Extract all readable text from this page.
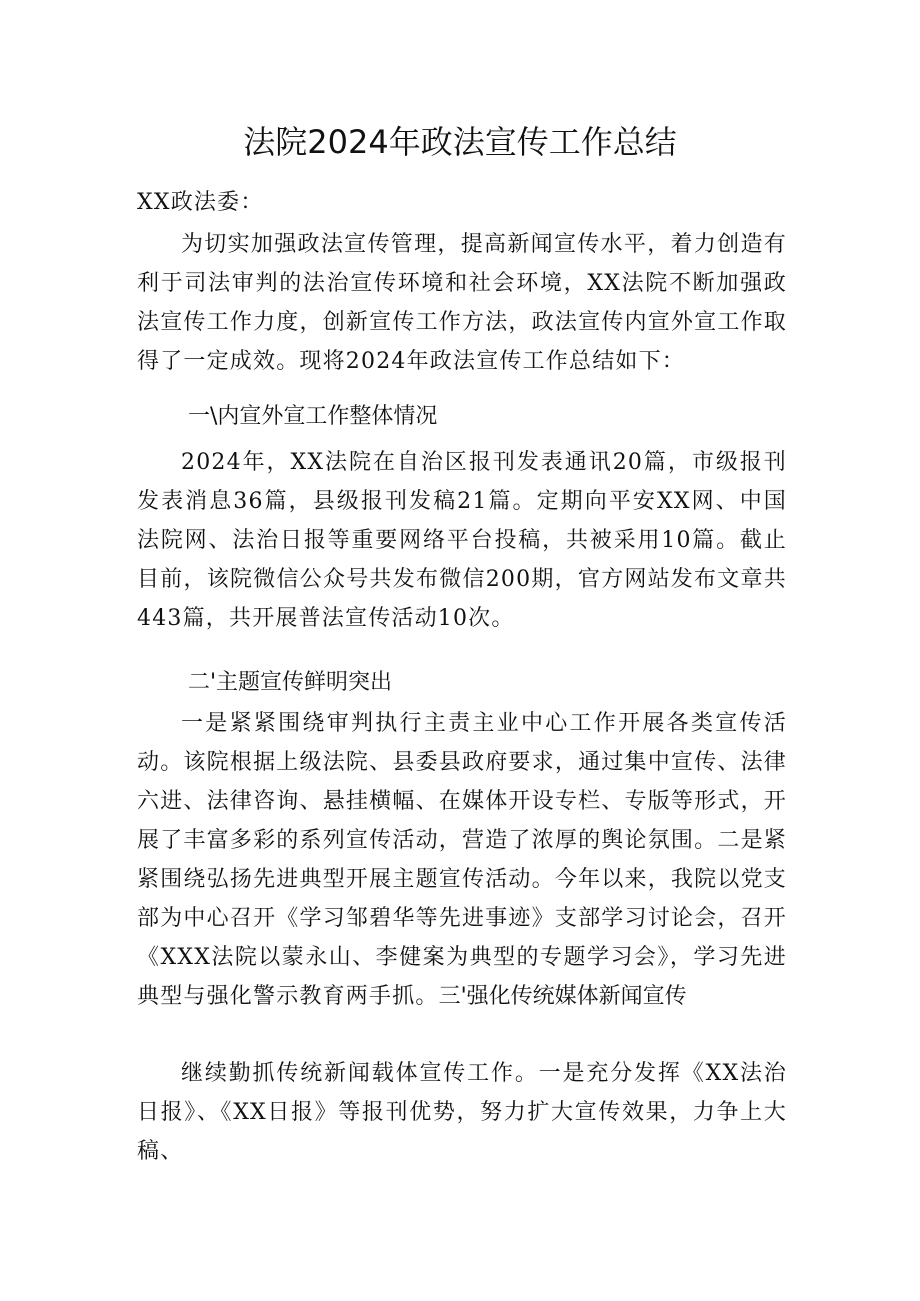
法院2024年政法宣传工作总结
XX政法委：

为切实加强政法宣传管理，提高新闻宣传水平，着力创造有利于司法审判的法治宣传环境和社会环境，XX法院不断加强政法宣传工作力度，创新宣传工作方法，政法宣传内宣外宣工作取得了一定成效。现将2024年政法宣传工作总结如下：

一\内宣外宣工作整体情况

2024年，XX法院在自治区报刊发表通讯20篇，市级报刊发表消息36篇，县级报刊发稿21篇。定期向平安XX网、中国法院网、法治日报等重要网络平台投稿，共被采用10篇。截止目前，该院微信公众号共发布微信200期，官方网站发布文章共443篇，共开展普法宣传活动10次。

二'主题宣传鲜明突出

一是紧紧围绕审判执行主责主业中心工作开展各类宣传活动。该院根据上级法院、县委县政府要求，通过集中宣传、法律六进、法律咨询、悬挂横幅、在媒体开设专栏、专版等形式，开展了丰富多彩的系列宣传活动，营造了浓厚的舆论氛围。二是紧紧围绕弘扬先进典型开展主题宣传活动。今年以来，我院以党支部为中心召开《学习邹碧华等先进事迹》支部学习讨论会，召开《XXX法院以蒙永山、李健案为典型的专题学习会》，学习先进典型与强化警示教育两手抓。三'强化传统媒体新闻宣传

继续勤抓传统新闻载体宣传工作。一是充分发挥《XX法治日报》、《XX日报》等报刊优势，努力扩大宣传效果，力争上大稿、
